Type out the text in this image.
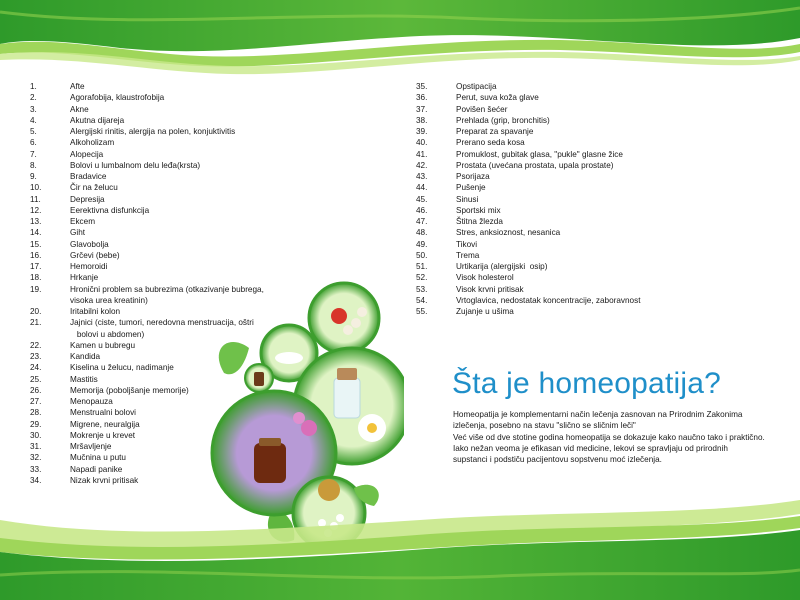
1.	Afte
2.	Agorafobija, klaustrofobija
3.	Akne
4.	Akutna dijareja
5.	Alergijski rinitis, alergija na polen, konjuktivitis
6.	Alkoholizam
7.	Alopecija
8.	Bolovi u lumbalnom delu leđa(krsta)
9.	Bradavice
10.	Čir na želucu
11.	Depresija
12.	Eerektivna disfunkcija
13.	Ekcem
14.	Giht
15.	Glavobolja
16.	Grčevi (bebe)
17.	Hemoroidi
18.	Hrkanje
19.	Hronični problem sa bubrezima (otkazivanje bubrega,
visoka urea kreatinin)
20.	Iritabilni kolon
21.	Jajnici (ciste, tumori, neredovna menstruacija, oštri
bolovi u abdomen)
22.	Kamen u bubregu
23.	Kandida
24.	Kiselina u želucu, nadimanje
25.	Mastitis
26.	Memorija (poboljšanje memorije)
27.	Menopauza
28.	Menstrualni bolovi
29.	Migrene, neuralgija
30.	Mokrenje u krevet
31.	Mršavljenje
32.	Mučnina u putu
33.	Napadi panike
34.	Nizak krvni pritisak
35.	Opstipacija
36.	Perut, suva koža glave
37.	Povišen šećer
38.	Prehlada (grip, bronchitis)
39.	Preparat za spavanje
40.	Prerano seda kosa
41.	Promuklost, gubitak glasa, "pukle" glasne žice
42.	Prostata (uvećana prostata, upala prostate)
43.	Psorijaza
44.	Pušenje
45.	Sinusi
46.	Sportski mix
47.	Štitna žlezda
48.	Stres, anksioznost, nesanica
49.	Tikovi
50.	Trema
51.	Urtikarija (alergijski  osip)
52.	Visok holesterol
53.	Visok krvni pritisak
54.	Vrtoglavica, nedostatak koncentracije, zaboravnost
55.	Zujanje u ušima
Šta je homeopatija?

Homeopatija je komplementarni način lečenja zasnovan na Prirodnim Zakonima
izlečenja, posebno na stavu "slično se sličnim leči"
Već više od dve stotine godina homeopatija se dokazuje kako naučno tako i praktično.
Iako nežan veoma je efikasan vid medicine, lekovi se spravljaju od prirodnih
supstanci i podstiču pacijentovu sopstvenu moć izlečenja.
